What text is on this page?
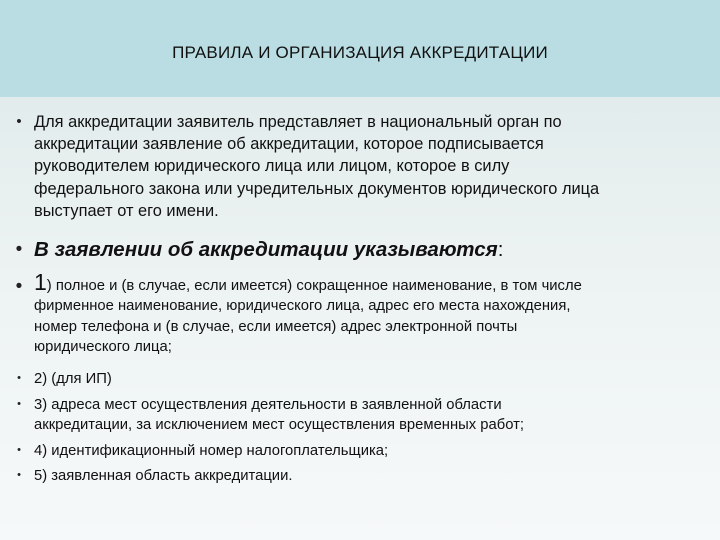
ПРАВИЛА И ОРГАНИЗАЦИЯ АККРЕДИТАЦИИ
• Для аккредитации заявитель представляет в национальный орган по
аккредитации заявление об аккредитации, которое подписывается
руководителем юридического лица или лицом, которое в силу
федерального закона или учредительных документов юридического лица
выступает от его имени.
• В заявлении об аккредитации указываются:
• 1) полное и (в случае, если имеется) сокращенное наименование, в том числе
фирменное наименование, юридического лица, адрес его места нахождения,
номер телефона и (в случае, если имеется) адрес электронной почты
юридического лица;
• 2) (для ИП)
• 3) адреса мест осуществления деятельности в заявленной области
аккредитации, за исключением мест осуществления временных работ;
• 4) идентификационный номер налогоплательщика;
• 5) заявленная область аккредитации.
